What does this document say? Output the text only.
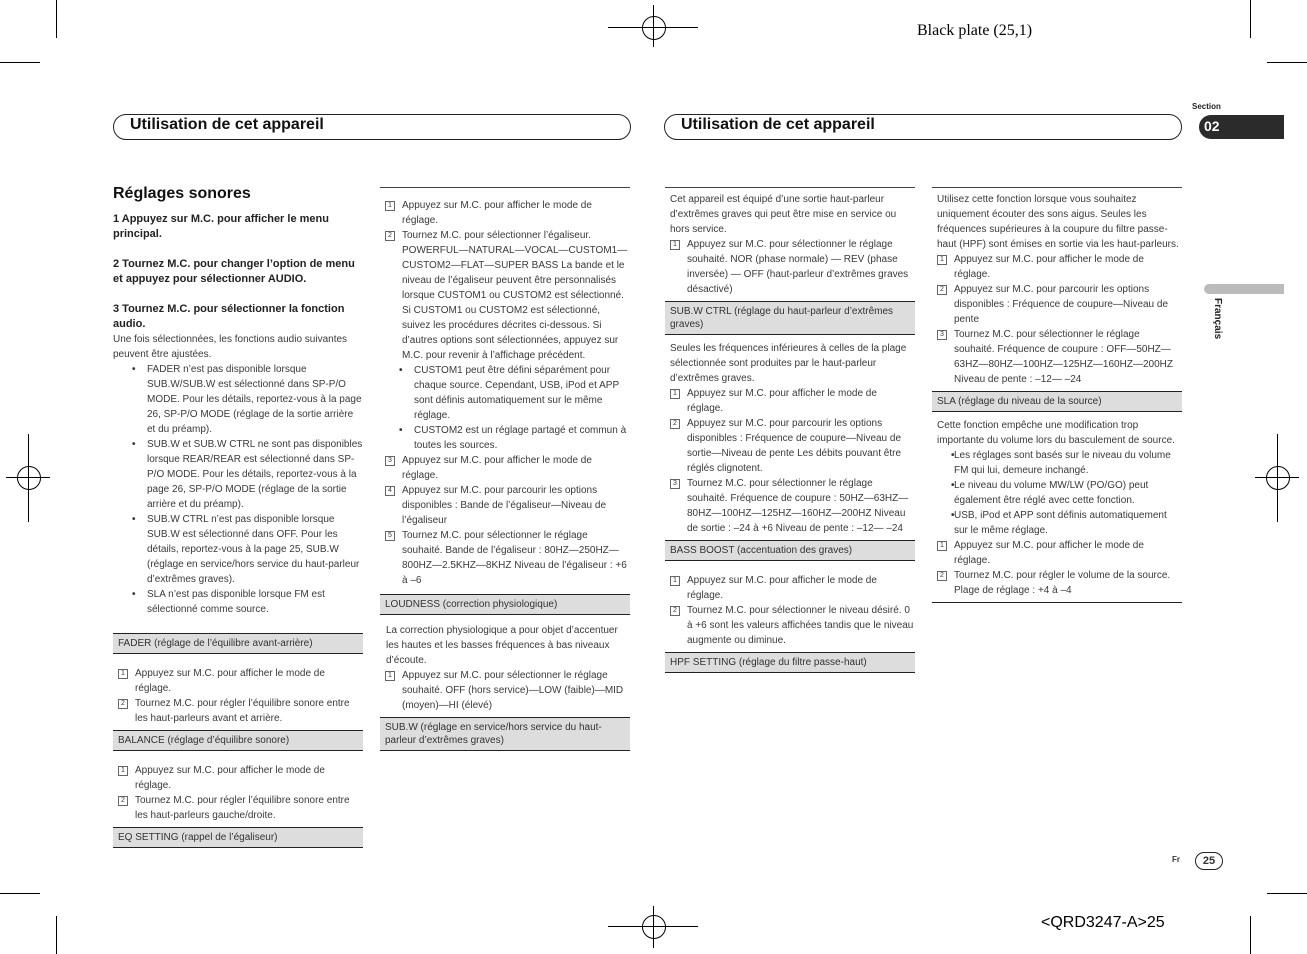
Black plate (25,1)
Utilisation de cet appareil	Utilisation de cet appareil
Section
02
Français

Réglages sonores

1 Appuyez sur M.C. pour afficher le menu principal.

2 Tournez M.C. pour changer l’option de menu et appuyez pour sélectionner AUDIO.

3 Tournez M.C. pour sélectionner la fonction audio.

Une fois sélectionnées, les fonctions audio suivantes peuvent être ajustées.

• FADER n’est pas disponible lorsque SUB.W/SUB.W est sélectionné dans SP-P/O MODE. Pour les détails, reportez-vous à la page 26, SP-P/O MODE (réglage de la sortie arrière et du préamp).

• SUB.W et SUB.W CTRL ne sont pas disponibles lorsque REAR/REAR est sélectionné dans SP-P/O MODE. Pour les détails, reportez-vous à la page 26, SP-P/O MODE (réglage de la sortie arrière et du préamp).

• SUB.W CTRL n’est pas disponible lorsque SUB.W est sélectionné dans OFF. Pour les détails, reportez-vous à la page 25, SUB.W (réglage en service/hors service du haut-parleur d’extrêmes graves).

• SLA n’est pas disponible lorsque FM est sélectionné comme source.

FADER (réglage de l’équilibre avant-arrière)

1	Appuyez sur M.C. pour afficher le mode de réglage.

2	Tournez M.C. pour régler l’équilibre sonore entre les haut-parleurs avant et arrière.

BALANCE (réglage d’équilibre sonore)

1	Appuyez sur M.C. pour afficher le mode de réglage.

2	Tournez M.C. pour régler l’équilibre sonore entre les haut-parleurs gauche/droite.

EQ SETTING (rappel de l’égaliseur)

1	Appuyez sur M.C. pour afficher le mode de réglage.

2	Tournez M.C. pour sélectionner l’égaliseur. POWERFUL—NATURAL—VOCAL—CUSTOM1—CUSTOM2—FLAT—SUPER BASS La bande et le niveau de l’égaliseur peuvent être personnalisés lorsque CUSTOM1 ou CUSTOM2 est sélectionné. Si CUSTOM1 ou CUSTOM2 est sélectionné, suivez les procédures décrites ci-dessous. Si d’autres options sont sélectionnées, appuyez sur M.C. pour revenir à l’affichage précédent.

• CUSTOM1 peut être défini séparément pour chaque source. Cependant, USB, iPod et APP sont définis automatiquement sur le même réglage.

• CUSTOM2 est un réglage partagé et commun à toutes les sources.

3	Appuyez sur M.C. pour afficher le mode de réglage.

4	Appuyez sur M.C. pour parcourir les options disponibles : Bande de l’égaliseur—Niveau de l’égaliseur

5	Tournez M.C. pour sélectionner le réglage souhaité. Bande de l’égaliseur : 80HZ—250HZ—800HZ—2.5KHZ—8KHZ Niveau de l’égaliseur : +6 à –6

LOUDNESS (correction physiologique)

La correction physiologique a pour objet d’accentuer les hautes et les basses fréquences à bas niveaux d’écoute.

1	Appuyez sur M.C. pour sélectionner le réglage souhaité. OFF (hors service)—LOW (faible)—MID (moyen)—HI (élevé)

SUB.W (réglage en service/hors service du haut-parleur d’extrêmes graves)

Cet appareil est équipé d’une sortie haut-parleur d’extrêmes graves qui peut être mise en service ou hors service.

1	Appuyez sur M.C. pour sélectionner le réglage souhaité. NOR (phase normale) — REV (phase inversée) — OFF (haut-parleur d’extrêmes graves désactivé)

SUB.W CTRL (réglage du haut-parleur d’extrêmes graves)

Seules les fréquences inférieures à celles de la plage sélectionnée sont produites par le haut-parleur d’extrêmes graves.

1	Appuyez sur M.C. pour afficher le mode de réglage.

2	Appuyez sur M.C. pour parcourir les options disponibles : Fréquence de coupure—Niveau de sortie—Niveau de pente Les débits pouvant être réglés clignotent.

3	Tournez M.C. pour sélectionner le réglage souhaité. Fréquence de coupure : 50HZ—63HZ—80HZ—100HZ—125HZ—160HZ—200HZ Niveau de sortie : –24 à +6 Niveau de pente : –12— –24

BASS BOOST (accentuation des graves)

1	Appuyez sur M.C. pour afficher le mode de réglage.

2	Tournez M.C. pour sélectionner le niveau désiré. 0 à +6 sont les valeurs affichées tandis que le niveau augmente ou diminue.

HPF SETTING (réglage du filtre passe-haut)

Utilisez cette fonction lorsque vous souhaitez uniquement écouter des sons aigus. Seules les fréquences supérieures à la coupure du filtre passe-haut (HPF) sont émises en sortie via les haut-parleurs.

1	Appuyez sur M.C. pour afficher le mode de réglage.

2	Appuyez sur M.C. pour parcourir les options disponibles : Fréquence de coupure—Niveau de pente

3	Tournez M.C. pour sélectionner le réglage souhaité. Fréquence de coupure : OFF—50HZ—63HZ—80HZ—100HZ—125HZ—160HZ—200HZ Niveau de pente : –12— –24

SLA (réglage du niveau de la source)

Cette fonction empêche une modification trop importante du volume lors du basculement de source.

• Les réglages sont basés sur le niveau du volume FM qui lui, demeure inchangé.

• Le niveau du volume MW/LW (PO/GO) peut également être réglé avec cette fonction.

• USB, iPod et APP sont définis automatiquement sur le même réglage.

1	Appuyez sur M.C. pour afficher le mode de réglage.

2	Tournez M.C. pour régler le volume de la source. Plage de réglage : +4 à –4

Fr	25
<QRD3247-A>25
